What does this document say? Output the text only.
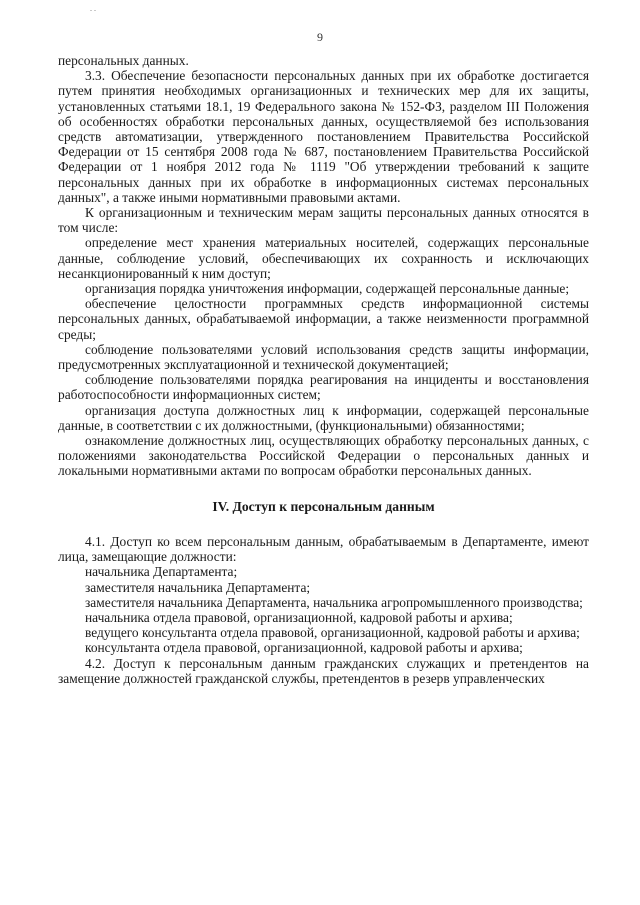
. .
9

персональных данных.

3.3. Обеспечение безопасности персональных данных при их обработке достигается путем принятия необходимых организационных и технических мер для их защиты, установленных статьями 18.1, 19 Федерального закона № 152-ФЗ, разделом III Положения об особенностях обработки персональных данных, осуществляемой без использования средств автоматизации, утвержденного постановлением Правительства Российской Федерации от 15 сентября 2008 года № 687, постановлением Правительства Российской Федерации от 1 ноября 2012 года № 1119 "Об утверждении требований к защите персональных данных при их обработке в информационных системах персональных данных", а также иными нормативными правовыми актами.

К организационным и техническим мерам защиты персональных данных относятся в том числе:

определение мест хранения материальных носителей, содержащих персональные данные, соблюдение условий, обеспечивающих их сохранность и исключающих несанкционированный к ним доступ;

организация порядка уничтожения информации, содержащей персональные данные;

обеспечение целостности программных средств информационной системы персональных данных, обрабатываемой информации, а также неизменности программной среды;

соблюдение пользователями условий использования средств защиты информации, предусмотренных эксплуатационной и технической документацией;

соблюдение пользователями порядка реагирования на инциденты и восстановления работоспособности информационных систем;

организация доступа должностных лиц к информации, содержащей персональные данные, в соответствии с их должностными, (функциональными) обязанностями;

ознакомление должностных лиц, осуществляющих обработку персональных данных, с положениями законодательства Российской Федерации о персональных данных и локальными нормативными актами по вопросам обработки персональных данных.

IV. Доступ к персональным данным

4.1. Доступ ко всем персональным данным, обрабатываемым в Департаменте, имеют лица, замещающие должности:

начальника Департамента;

заместителя начальника Департамента;

заместителя начальника Департамента, начальника агропромышленного производства;

начальника отдела правовой, организационной, кадровой работы и архива;

ведущего консультанта отдела правовой, организационной, кадровой работы и архива;

консультанта отдела правовой, организационной, кадровой работы и архива;

4.2. Доступ к персональным данным гражданских служащих и претендентов на замещение должностей гражданской службы, претендентов в резерв управленческих
